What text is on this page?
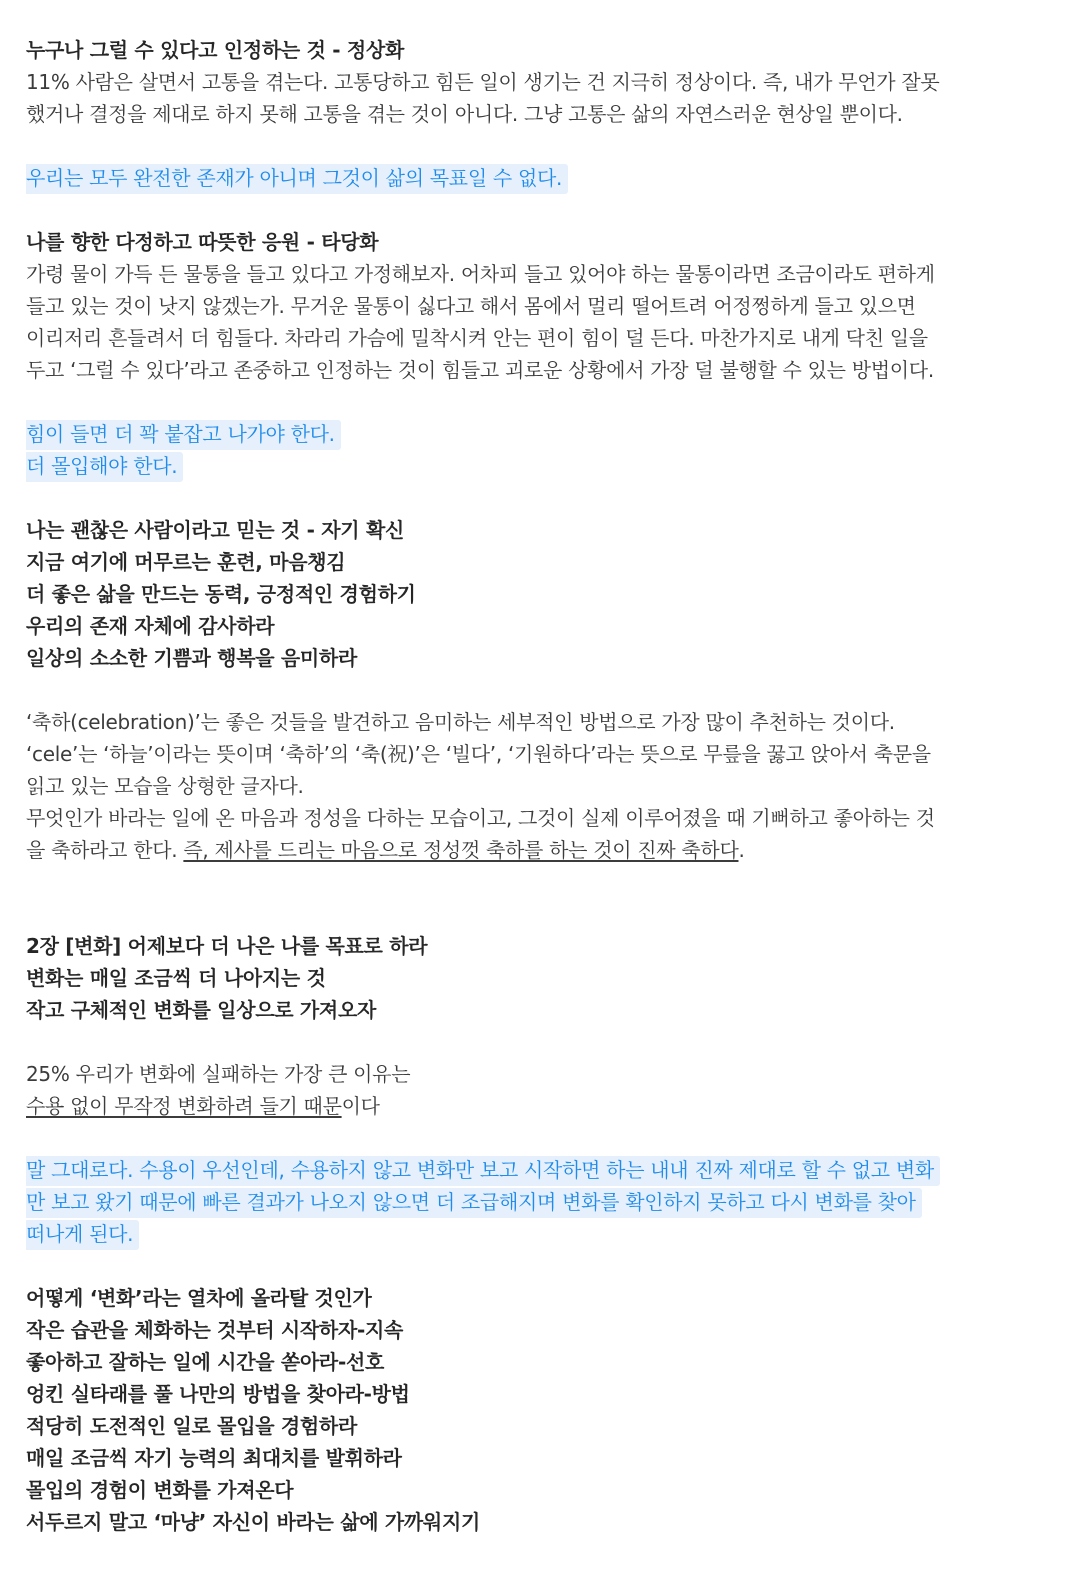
누구나 그럴 수 있다고 인정하는 것 - 정상화
11% 사람은 살면서 고통을 겪는다. 고통당하고 힘든 일이 생기는 건 지극히 정상이다. 즉, 내가 무언가 잘못
했거나 결정을 제대로 하지 못해 고통을 겪는 것이 아니다. 그냥 고통은 삶의 자연스러운 현상일 뿐이다.
우리는 모두 완전한 존재가 아니며 그것이 삶의 목표일 수 없다.
나를 향한 다정하고 따뜻한 응원 - 타당화
가령 물이 가득 든 물통을 들고 있다고 가정해보자. 어차피 들고 있어야 하는 물통이라면 조금이라도 편하게
들고 있는 것이 낫지 않겠는가. 무거운 물통이 싫다고 해서 몸에서 멀리 떨어트려 어정쩡하게 들고 있으면
이리저리 흔들려서 더 힘들다. 차라리 가슴에 밀착시켜 안는 편이 힘이 덜 든다. 마찬가지로 내게 닥친 일을
두고 ‘그럴 수 있다’라고 존중하고 인정하는 것이 힘들고 괴로운 상황에서 가장 덜 불행할 수 있는 방법이다.
힘이 들면 더 꽉 붙잡고 나가야 한다.
더 몰입해야 한다.
나는 괜찮은 사람이라고 믿는 것 - 자기 확신
지금 여기에 머무르는 훈련, 마음챙김
더 좋은 삶을 만드는 동력, 긍정적인 경험하기
우리의 존재 자체에 감사하라
일상의 소소한 기쁨과 행복을 음미하라
‘축하(celebration)’는 좋은 것들을 발견하고 음미하는 세부적인 방법으로 가장 많이 추천하는 것이다.
‘cele’는 ‘하늘’이라는 뜻이며 ‘축하’의 ‘축(祝)’은 ‘빌다’, ‘기원하다’라는 뜻으로 무릎을 꿇고 앉아서 축문을
읽고 있는 모습을 상형한 글자다.
무엇인가 바라는 일에 온 마음과 정성을 다하는 모습이고, 그것이 실제 이루어졌을 때 기뻐하고 좋아하는 것
을 축하라고 한다. 즉, 제사를 드리는 마음으로 정성껏 축하를 하는 것이 진짜 축하다.
2장 [변화] 어제보다 더 나은 나를 목표로 하라
변화는 매일 조금씩 더 나아지는 것
작고 구체적인 변화를 일상으로 가져오자
25% 우리가 변화에 실패하는 가장 큰 이유는
수용 없이 무작정 변화하려 들기 때문이다
말 그대로다. 수용이 우선인데, 수용하지 않고 변화만 보고 시작하면 하는 내내 진짜 제대로 할 수 없고 변화
만 보고 왔기 때문에 빠른 결과가 나오지 않으면 더 조급해지며 변화를 확인하지 못하고 다시 변화를 찾아
떠나게 된다.
어떻게 ‘변화’라는 열차에 올라탈 것인가
작은 습관을 체화하는 것부터 시작하자-지속
좋아하고 잘하는 일에 시간을 쏟아라-선호
엉킨 실타래를 풀 나만의 방법을 찾아라-방법
적당히 도전적인 일로 몰입을 경험하라
매일 조금씩 자기 능력의 최대치를 발휘하라
몰입의 경험이 변화를 가져온다
서두르지 말고 ‘마냥’ 자신이 바라는 삶에 가까워지기
